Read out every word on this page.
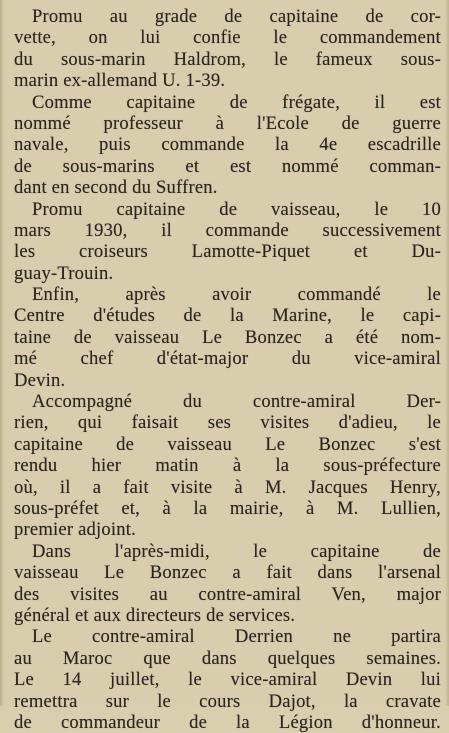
Promu au grade de capitaine de cor-
vette, on lui confie le commandement
du sous-marin Haldrom, le fameux sous-
marin ex-allemand U. 1-39.
Comme capitaine de frégate, il est
nommé professeur à l'Ecole de guerre
navale, puis commande la 4e escadrille
de sous-marins et est nommé comman-
dant en second du Suffren.
Promu capitaine de vaisseau, le 10
mars 1930, il commande successivement
les croiseurs Lamotte-Piquet et Du-
guay-Trouin.
Enfin, après avoir commandé le
Centre d'études de la Marine, le capi-
taine de vaisseau Le Bonzec a été nom-
mé chef d'état-major du vice-amiral
Devin.
Accompagné du contre-amiral Der-
rien, qui faisait ses visites d'adieu, le
capitaine de vaisseau Le Bonzec s'est
rendu hier matin à la sous-préfecture
où, il a fait visite à M. Jacques Henry,
sous-préfet et, à la mairie, à M. Lullien,
premier adjoint.
Dans l'après-midi, le capitaine de
vaisseau Le Bonzec a fait dans l'arsenal
des visites au contre-amiral Ven, major
général et aux directeurs de services.
Le contre-amiral Derrien ne partira
au Maroc que dans quelques semaines.
Le 14 juillet, le vice-amiral Devin lui
remettra sur le cours Dajot, la cravate
de commandeur de la Légion d'honneur.
